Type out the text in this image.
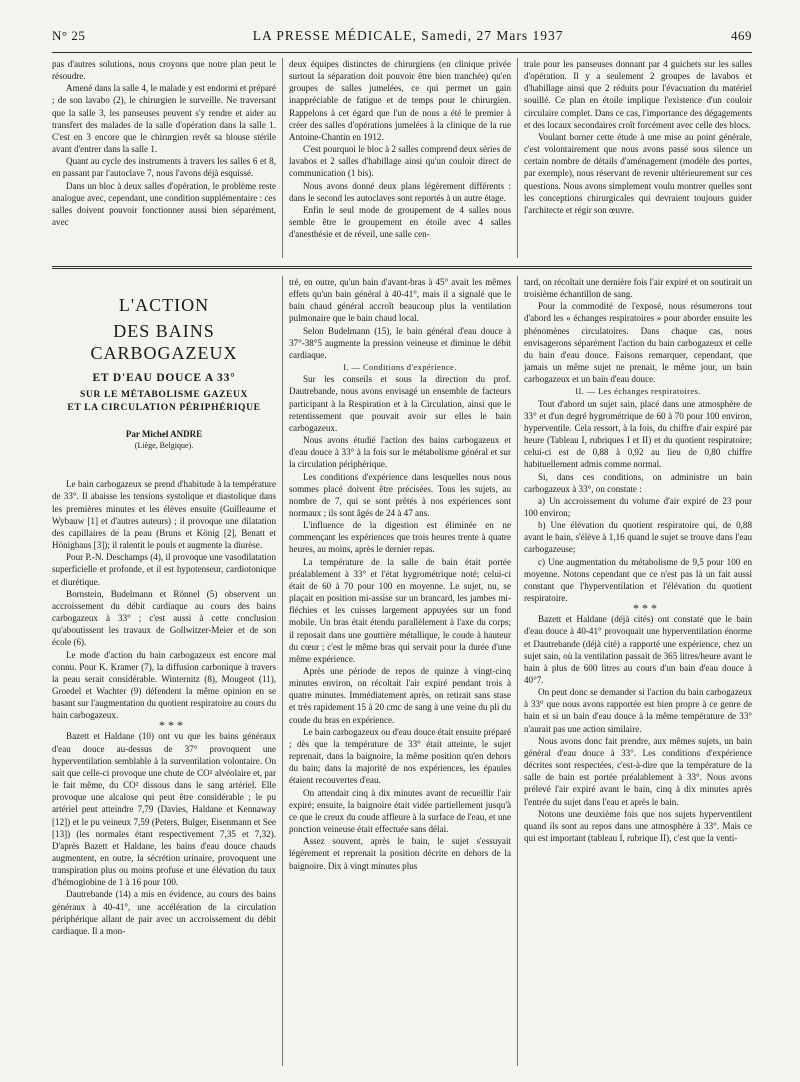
N° 25	LA PRESSE MÉDICALE, Samedi, 27 Mars 1937	469

pas d'autres solutions, nous croyons que notre plan peut le résoudre.

Amené dans la salle 4, le malade y est endormi et préparé ; de son lavabo (2), le chirurgien le surveille. Ne traversant que la salle 3, les panseuses peuvent s'y rendre et aider au transfert des malades de la salle d'opération dans la salle 1. C'est en 3 encore que le chirurgien revêt sa blouse stérile avant d'entrer dans la salle 1.

Quant au cycle des instruments à travers les salles 6 et 8, en passant par l'autoclave 7, nous l'avons déjà esquissé.

Dans un bloc à deux salles d'opération, le problème reste analogue avec, cependant, une condition supplémentaire : ces salles doivent pouvoir fonctionner aussi bien séparément, avec

deux équipes distinctes de chirurgiens (en clinique privée surtout la séparation doit pouvoir être bien tranchée) qu'en groupes de salles jumelées, ce qui permet un gain inappréciable de fatigue et de temps pour le chirurgien. Rappelons à cet égard que l'un de nous a été le premier à créer des salles d'opérations jumelées à la clinique de la rue Antoine-Chantin en 1912.

C'est pourquoi le bloc à 2 salles comprend deux séries de lavabos et 2 salles d'habillage ainsi qu'un couloir direct de communication (1 bis).

Nous avons donné deux plans légèrement différents : dans le second les autoclaves sont reportés à un autre étage.

Enfin le seul mode de groupement de 4 salles nous semble être le groupement en étoile avec 4 salles d'anesthésie et de réveil, une salle cen-

trale pour les panseuses donnant par 4 guichets sur les salles d'opération. Il y a seulement 2 groupes de lavabos et d'habillage ainsi que 2 réduits pour l'évacuation du matériel souillé. Ce plan en étoile implique l'existence d'un couloir circulaire complet. Dans ce cas, l'importance des dégagements et des locaux secondaires croît forcément avec celle des blocs.

Voulant borner cette étude à une mise au point générale, c'est volontairement que nous avons passé sous silence un certain nombre de détails d'aménagement (modèle des portes, par exemple), nous réservant de revenir ultérieurement sur ces questions. Nous avons simplement voulu montrer quelles sont les conceptions chirurgicales qui devraient toujours guider l'architecte et régir son œuvre.

L'ACTION
DES BAINS CARBOGAZEUX
ET D'EAU DOUCE A 33°
SUR LE MÉTABOLISME GAZEUX
ET LA CIRCULATION PÉRIPHÉRIQUE
Par Michel ANDRE
(Liège, Belgique).

Le bain carbogazeux se prend d'habitude à la température de 33°. Il abaisse les tensions systolique et diastolique dans les premières minutes et les élèves ensuite (Guilleaume et Wybauw [1] et d'autres auteurs) ; il provoque une dilatation des capillaires de la peau (Bruns et König [2], Benatt et Hönighaus [3]); il ralentit le pouls et augmente la diurèse.

Pour P.-N. Deschamps (4), il provoque une vasodilatation superficielle et profonde, et il est hypotenseur, cardiotonique et diurétique.

Bornstein, Budelmann et Rönnel (5) observent un accroissement du débit cardiaque au cours des bains carbogazeux à 33° ; c'est aussi à cette conclusion qu'aboutissent les travaux de Gollwitzer-Meier et de son école (6).

Le mode d'action du bain carbogazeux est encore mal connu. Pour K. Kramer (7), la diffusion carbonique à travers la peau serait considérable. Winternitz (8), Mougeot (11), Groedel et Wachter (9) défendent la même opinion en se basant sur l'augmentation du quotient respiratoire au cours du bain carbogazeux.

* * *

Bazett et Haldane (10) ont vu que les bains généraux d'eau douce au-dessus de 37° provoquent une hyperventilation semblable à la surventilation volontaire. On sait que celle-ci provoque une chute de CO² alvéolaire et, par le fait même, du CO² dissous dans le sang artériel. Elle provoque une alcalose qui peut être considérable ; le pu artériel peut atteindre 7,79 (Davies, Haldane et Kennaway [12]) et le pu veineux 7,59 (Peters, Bulger, Eisenmann et See [13]) (les normales étant respectivement 7,35 et 7,32). D'après Bazett et Haldane, les bains d'eau douce chauds augmentent, en outre, la sécrétion urinaire, provoquent une transpiration plus ou moins profuse et une élévation du taux d'hémoglobine de 1 à 16 pour 100.

Dautrebande (14) a mis en évidence, au cours des bains généraux à 40-41°, une accélération de la circulation périphérique allant de pair avec un accroissement du débit cardiaque. Il a mon-

tré, en outre, qu'un bain d'avant-bras à 45° avait les mêmes effets qu'un bain général à 40-41°, mais il a signalé que le bain chaud général accroît beaucoup plus la ventilation pulmonaire que le bain chaud local.

Selon Budelmann (15), le bain général d'eau douce à 37°-38°5 augmente la pression veineuse et diminue le débit cardiaque.

I. — Conditions d'expérience.

Sur les conseils et sous la direction du prof. Dautrebande, nous avons envisagé un ensemble de facteurs participant à la Respiration et à la Circulation, ainsi que le retentissement que pouvait avoir sur elles le bain carbogazeux.

Nous avons étudié l'action des bains carbogazeux et d'eau douce à 33° à la fois sur le métabolisme général et sur la circulation périphérique.

Les conditions d'expérience dans lesquelles nous nous sommes placé doivent être précisées. Tous les sujets, au nombre de 7, qui se sont prêtés à nos expériences sont normaux ; ils sont âgés de 24 à 47 ans.

L'influence de la digestion est éliminée en ne commençant les expériences que trois heures trente à quatre heures, au moins, après le dernier repas.

La température de la salle de bain était portée préalablement à 33° et l'état hygrométrique noté; celui-ci était de 60 à 70 pour 100 en moyenne. Le sujet, nu, se plaçait en position mi-assise sur un brancard, les jambes mi-fléchies et les cuisses largement appuyées sur un fond mobile. Un bras était étendu parallèlement à l'axe du corps; il reposait dans une gouttière métallique, le coude à hauteur du cœur ; c'est le même bras qui servait pour la durée d'une même expérience.

Après une période de repos de quinze à vingt-cinq minutes environ, on récoltait l'air expiré pendant trois à quatre minutes. Immédiatement après, on retirait sans stase et très rapidement 15 à 20 cmc de sang à une veine du pli du coude du bras en expérience.

Le bain carbogazeux ou d'eau douce était ensuite préparé ; dès que la température de 33° était atteinte, le sujet reprenait, dans la baignoire, la même position qu'en dehors du bain; dans la majorité de nos expériences, les épaules étaient recouvertes d'eau.

On attendait cinq à dix minutes avant de recueillir l'air expiré; ensuite, la baignoire était vidée partiellement jusqu'à ce que le creux du coude affleure à la surface de l'eau, et une ponction veineuse était effectuée sans délai.

Assez souvent, après le bain, le sujet s'essuyait légèrement et reprenait la position décrite en dehors de la baignoire. Dix à vingt minutes plus

tard, on récoltait une dernière fois l'air expiré et on soutirait un troisième échantillon de sang.

Pour la commodité de l'exposé, nous résumerons tout d'abord les « échanges respiratoires » pour aborder ensuite les phénomènes circulatoires. Dans chaque cas, nous envisagerons séparément l'action du bain carbogazeux et celle du bain d'eau douce. Faisons remarquer, cependant, que jamais un même sujet ne prenait, le même jour, un bain carbogazeux et un bain d'eau douce.

II. — Les échanges respiratoires.

Tout d'abord un sujet sain, placé dans une atmosphère de 33° et d'un degré hygrométrique de 60 à 70 pour 100 environ, hyperventile. Cela ressort, à la fois, du chiffre d'air expiré par heure (Tableau I, rubriques I et II) et du quotient respiratoire; celui-ci est de 0,88 à 0,92 au lieu de 0,80 chiffre habituellement admis comme normal.

Si, dans ces conditions, on administre un bain carbogazeux à 33°, on constate :

a) Un accroissement du volume d'air expiré de 23 pour 100 environ;

b) Une élévation du quotient respiratoire qui, de 0,88 avant le bain, s'élève à 1,16 quand le sujet se trouve dans l'eau carbogazeuse;

c) Une augmentation du métabolisme de 9,5 pour 100 en moyenne. Notons cependant que ce n'est pas là un fait aussi constant que l'hyperventilation et l'élévation du quotient respiratoire.

* * *

Bazett et Haldane (déjà cités) ont constaté que le bain d'eau douce à 40-41° provoquait une hyperventilation énorme et Dautrebande (déjà cité) a rapporté une expérience, chez un sujet sain, où la ventilation passait de 365 litres/heure avant le bain à plus de 600 litres au cours d'un bain d'eau douce à 40°7.

On peut donc se demander si l'action du bain carbogazeux à 33° que nous avons rapportée est bien propre à ce genre de bain et si un bain d'eau douce à la même température de 33° n'aurait pas une action similaire.

Nous avons donc fait prendre, aux mêmes sujets, un bain général d'eau douce à 33°. Les conditions d'expérience décrites sont respectées, c'est-à-dire que la température de la salle de bain est portée préalablement à 33°. Nous avons prélevé l'air expiré avant le bain, cinq à dix minutes après l'entrée du sujet dans l'eau et après le bain.

Notons une deuxième fois que nos sujets hyperventilent quand ils sont au repos dans une atmosphère à 33°. Mais ce qui est important (tableau I, rubrique II), c'est que la venti-
